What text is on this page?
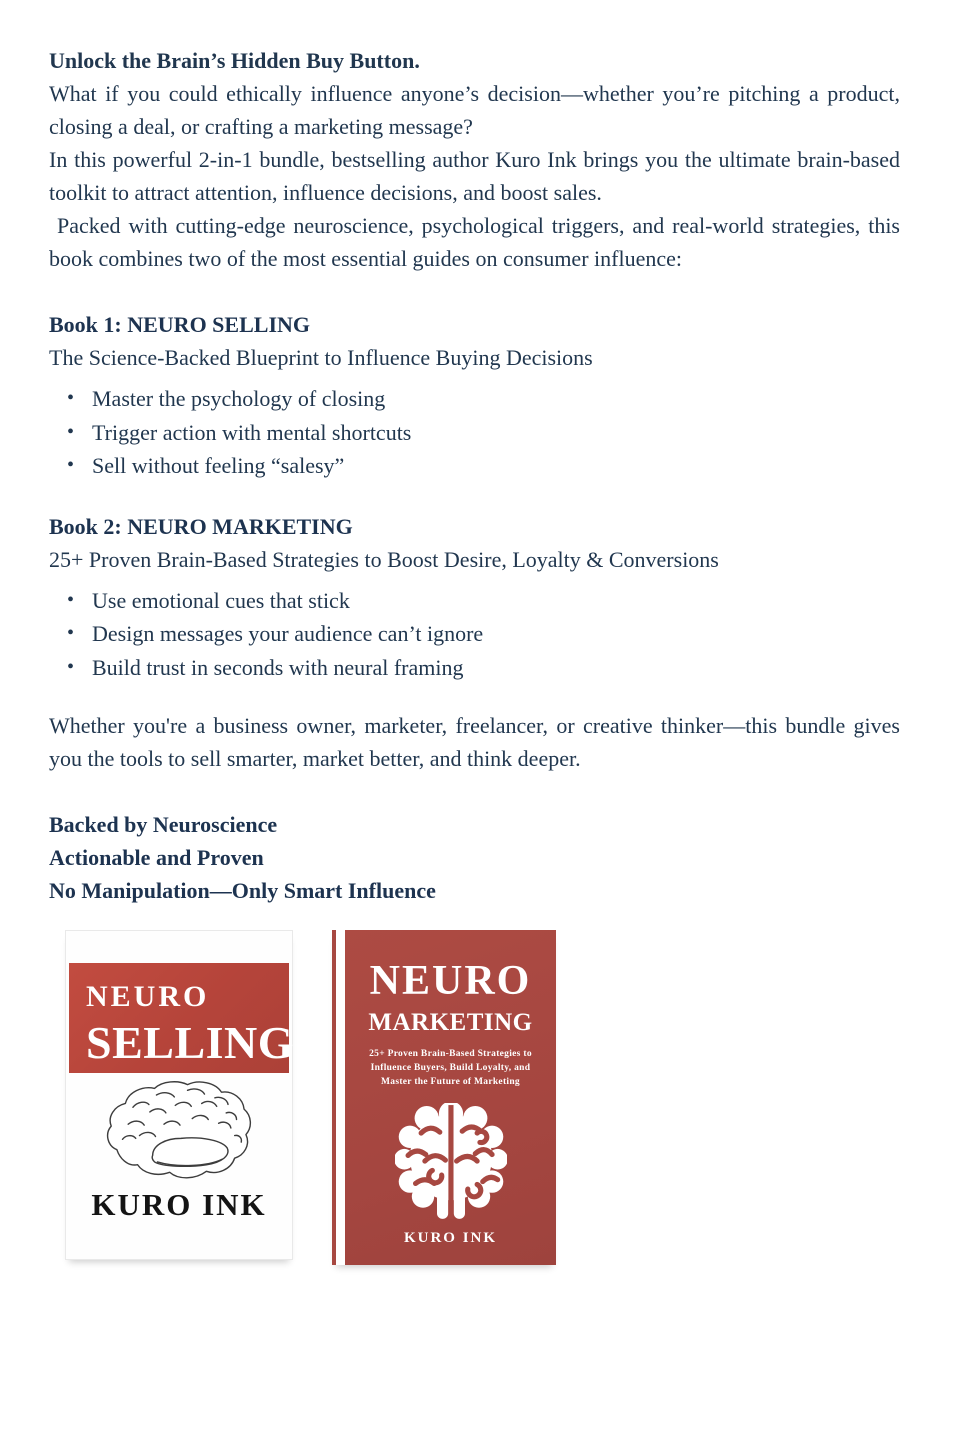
Unlock the Brain’s Hidden Buy Button.

What if you could ethically influence anyone’s decision—whether you’re pitching a product, closing a deal, or crafting a marketing message?

In this powerful 2-in-1 bundle, bestselling author Kuro Ink brings you the ultimate brain-based toolkit to attract attention, influence decisions, and boost sales.

Packed with cutting-edge neuroscience, psychological triggers, and real-world strategies, this book combines two of the most essential guides on consumer influence:

Book 1: NEURO SELLING

The Science-Backed Blueprint to Influence Buying Decisions

• Master the psychology of closing
• Trigger action with mental shortcuts
• Sell without feeling “salesy”

Book 2: NEURO MARKETING

25+ Proven Brain-Based Strategies to Boost Desire, Loyalty & Conversions

• Use emotional cues that stick
• Design messages your audience can’t ignore
• Build trust in seconds with neural framing

Whether you're a business owner, marketer, freelancer, or creative thinker—this bundle gives you the tools to sell smarter, market better, and think deeper.

Backed by Neuroscience

Actionable and Proven

No Manipulation—Only Smart Influence

NEURO
SELLING
KURO INK
NEURO
MARKETING
25+ Proven Brain-Based Strategies to
Influence Buyers, Build Loyalty, and
Master the Future of Marketing
KURO INK
